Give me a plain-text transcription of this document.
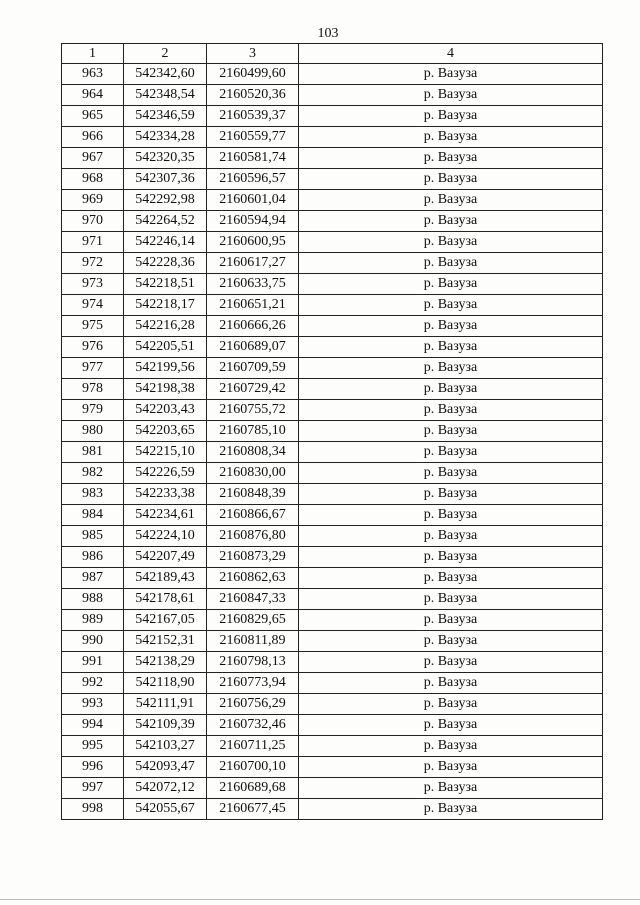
103
1	2	3	4
963	542342,60	2160499,60	р. Вазуза
964	542348,54	2160520,36	р. Вазуза
965	542346,59	2160539,37	р. Вазуза
966	542334,28	2160559,77	р. Вазуза
967	542320,35	2160581,74	р. Вазуза
968	542307,36	2160596,57	р. Вазуза
969	542292,98	2160601,04	р. Вазуза
970	542264,52	2160594,94	р. Вазуза
971	542246,14	2160600,95	р. Вазуза
972	542228,36	2160617,27	р. Вазуза
973	542218,51	2160633,75	р. Вазуза
974	542218,17	2160651,21	р. Вазуза
975	542216,28	2160666,26	р. Вазуза
976	542205,51	2160689,07	р. Вазуза
977	542199,56	2160709,59	р. Вазуза
978	542198,38	2160729,42	р. Вазуза
979	542203,43	2160755,72	р. Вазуза
980	542203,65	2160785,10	р. Вазуза
981	542215,10	2160808,34	р. Вазуза
982	542226,59	2160830,00	р. Вазуза
983	542233,38	2160848,39	р. Вазуза
984	542234,61	2160866,67	р. Вазуза
985	542224,10	2160876,80	р. Вазуза
986	542207,49	2160873,29	р. Вазуза
987	542189,43	2160862,63	р. Вазуза
988	542178,61	2160847,33	р. Вазуза
989	542167,05	2160829,65	р. Вазуза
990	542152,31	2160811,89	р. Вазуза
991	542138,29	2160798,13	р. Вазуза
992	542118,90	2160773,94	р. Вазуза
993	542111,91	2160756,29	р. Вазуза
994	542109,39	2160732,46	р. Вазуза
995	542103,27	2160711,25	р. Вазуза
996	542093,47	2160700,10	р. Вазуза
997	542072,12	2160689,68	р. Вазуза
998	542055,67	2160677,45	р. Вазуза
